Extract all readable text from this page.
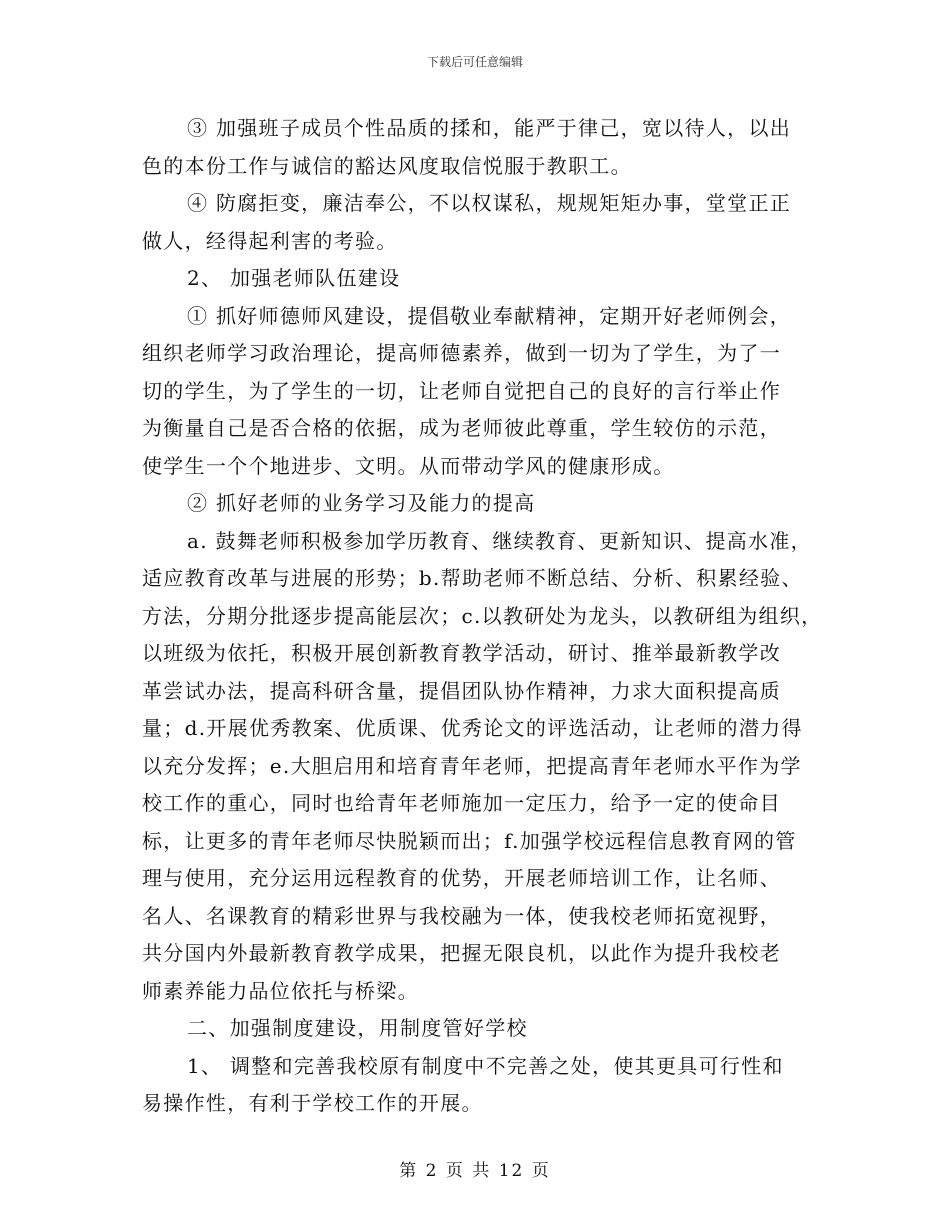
下载后可任意编辑
③ 加强班子成员个性品质的揉和，能严于律己，宽以待人，以出
色的本份工作与诚信的豁达风度取信悦服于教职工。
④ 防腐拒变，廉洁奉公，不以权谋私，规规矩矩办事，堂堂正正
做人，经得起利害的考验。
2、 加强老师队伍建设
① 抓好师德师风建设，提倡敬业奉献精神，定期开好老师例会，
组织老师学习政治理论，提高师德素养，做到一切为了学生，为了一
切的学生，为了学生的一切，让老师自觉把自己的良好的言行举止作
为衡量自己是否合格的依据，成为老师彼此尊重，学生较仿的示范，
使学生一个个地进步、文明。从而带动学风的健康形成。
② 抓好老师的业务学习及能力的提高
a. 鼓舞老师积极参加学历教育、继续教育、更新知识、提高水准，
适应教育改革与进展的形势；b.帮助老师不断总结、分析、积累经验、
方法，分期分批逐步提高能层次；c.以教研处为龙头，以教研组为组织，
以班级为依托，积极开展创新教育教学活动，研讨、推举最新教学改
革尝试办法，提高科研含量，提倡团队协作精神，力求大面积提高质
量；d.开展优秀教案、优质课、优秀论文的评选活动，让老师的潜力得
以充分发挥；e.大胆启用和培育青年老师，把提高青年老师水平作为学
校工作的重心，同时也给青年老师施加一定压力，给予一定的使命目
标，让更多的青年老师尽快脱颖而出；f.加强学校远程信息教育网的管
理与使用，充分运用远程教育的优势，开展老师培训工作，让名师、
名人、名课教育的精彩世界与我校融为一体，使我校老师拓宽视野，
共分国内外最新教育教学成果，把握无限良机，以此作为提升我校老
师素养能力品位依托与桥梁。
二、加强制度建设，用制度管好学校
1、 调整和完善我校原有制度中不完善之处，使其更具可行性和
易操作性，有利于学校工作的开展。
第 2 页 共 12 页
